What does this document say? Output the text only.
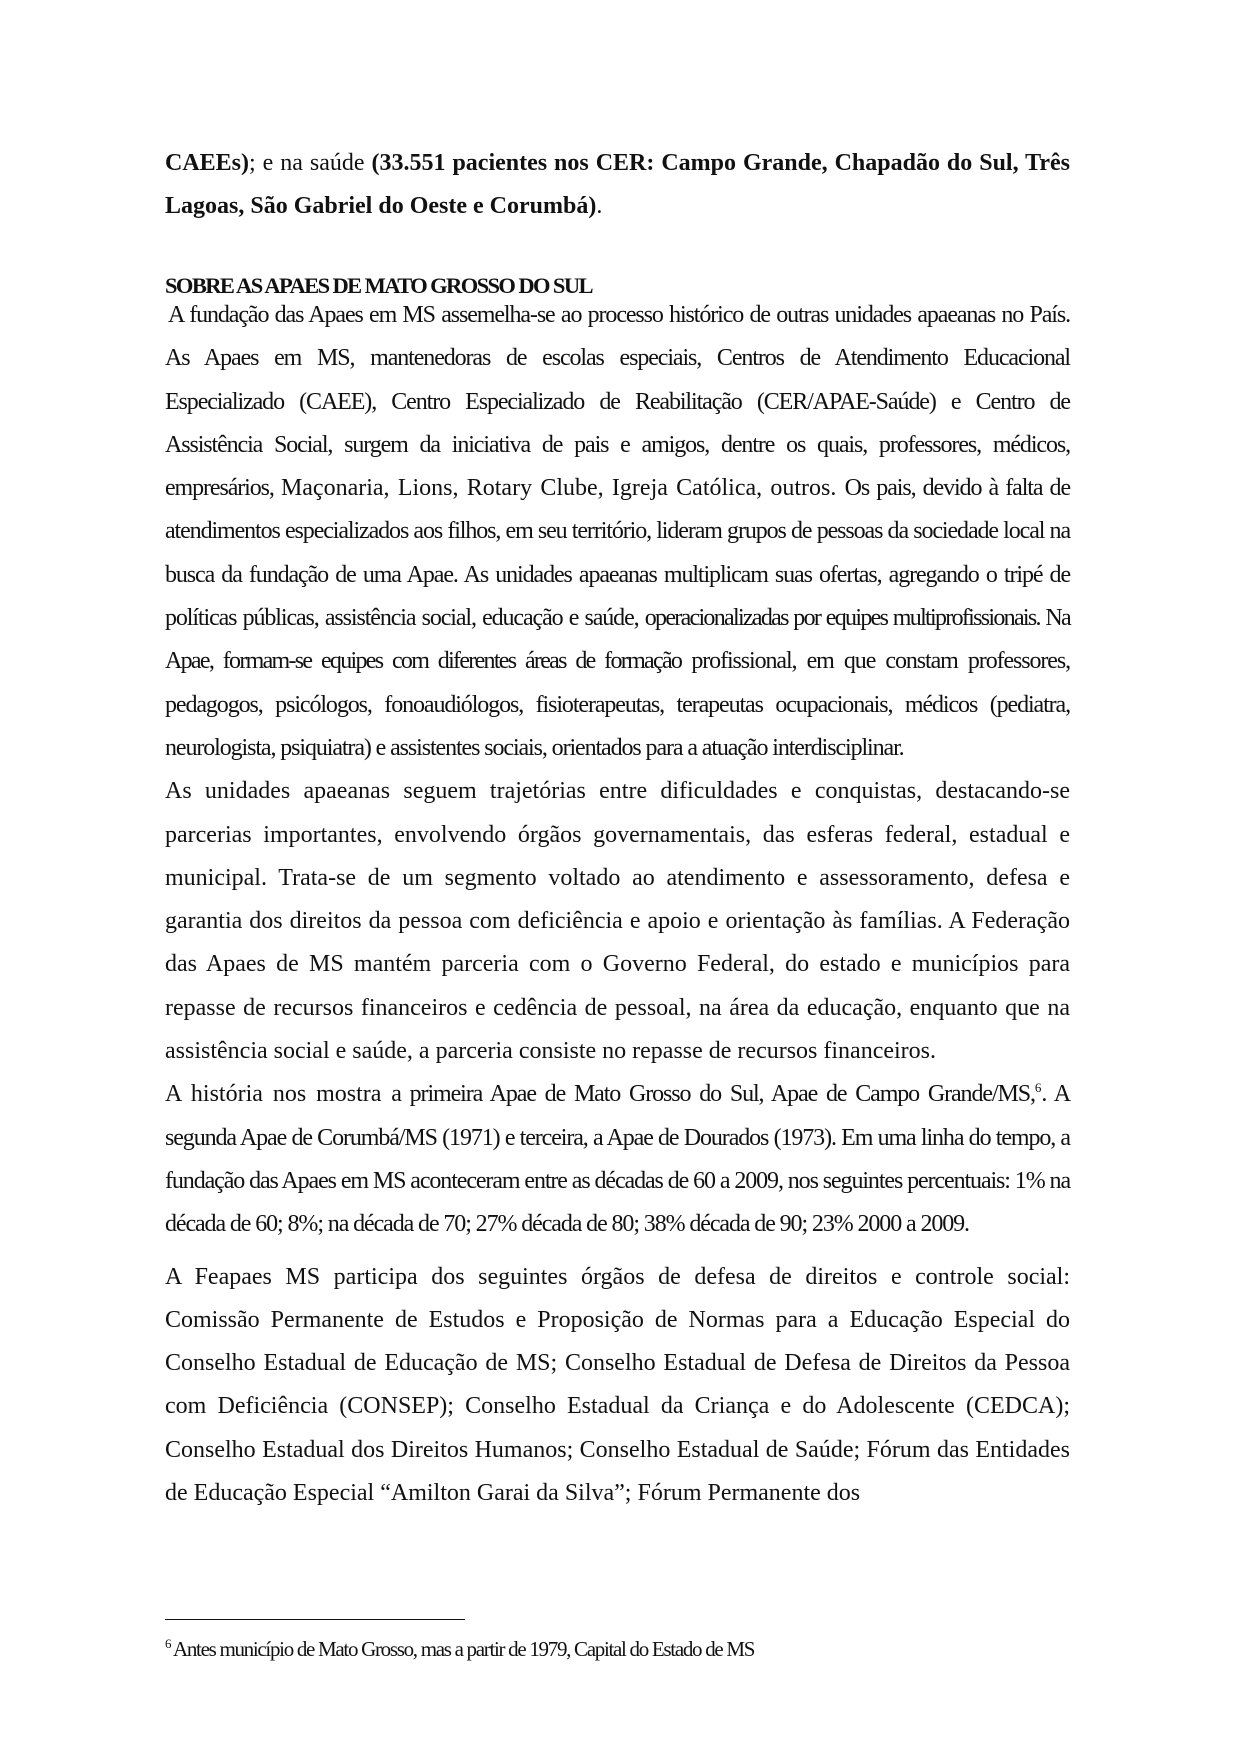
CAEEs); e na saúde (33.551 pacientes nos CER: Campo Grande, Chapadão do Sul, Três Lagoas, São Gabriel do Oeste e Corumbá).

SOBRE AS APAES DE MATO GROSSO DO SUL

A fundação das Apaes em MS assemelha-se ao processo histórico de outras unidades apaeanas no País. As Apaes em MS, mantenedoras de escolas especiais, Centros de Atendimento Educacional Especializado (CAEE), Centro Especializado de Reabilitação (CER/APAE-Saúde) e Centro de Assistência Social, surgem da iniciativa de pais e amigos, dentre os quais, professores, médicos, empresários, Maçonaria, Lions, Rotary Clube, Igreja Católica, outros. Os pais, devido à falta de atendimentos especializados aos filhos, em seu território, lideram grupos de pessoas da sociedade local na busca da fundação de uma Apae. As unidades apaeanas multiplicam suas ofertas, agregando o tripé de políticas públicas, assistência social, educação e saúde, operacionalizadas por equipes multiprofissionais. Na Apae, formam-se equipes com diferentes áreas de formação profissional, em que constam professores, pedagogos, psicólogos, fonoaudiólogos, fisioterapeutas, terapeutas ocupacionais, médicos (pediatra, neurologista, psiquiatra) e assistentes sociais, orientados para a atuação interdisciplinar.

As unidades apaeanas seguem trajetórias entre dificuldades e conquistas, destacando-se parcerias importantes, envolvendo órgãos governamentais, das esferas federal, estadual e municipal. Trata-se de um segmento voltado ao atendimento e assessoramento, defesa e garantia dos direitos da pessoa com deficiência e apoio e orientação às famílias. A Federação das Apaes de MS mantém parceria com o Governo Federal, do estado e municípios para repasse de recursos financeiros e cedência de pessoal, na área da educação, enquanto que na assistência social e saúde, a parceria consiste no repasse de recursos financeiros.

A história nos mostra a primeira Apae de Mato Grosso do Sul, Apae de Campo Grande/MS,$^6$. A segunda Apae de Corumbá/MS (1971) e terceira, a Apae de Dourados (1973). Em uma linha do tempo, a fundação das Apaes em MS aconteceram entre as décadas de 60 a 2009, nos seguintes percentuais: 1% na década de 60; 8%; na década de 70; 27% década de 80; 38% década de 90; 23% 2000 a 2009.

A Feapaes MS participa dos seguintes órgãos de defesa de direitos e controle social: Comissão Permanente de Estudos e Proposição de Normas para a Educação Especial do Conselho Estadual de Educação de MS; Conselho Estadual de Defesa de Direitos da Pessoa com Deficiência (CONSEP); Conselho Estadual da Criança e do Adolescente (CEDCA); Conselho Estadual dos Direitos Humanos; Conselho Estadual de Saúde; Fórum das Entidades de Educação Especial “Amilton Garai da Silva”; Fórum Permanente dos

$^6$ Antes município de Mato Grosso, mas a partir de 1979, Capital do Estado de MS
